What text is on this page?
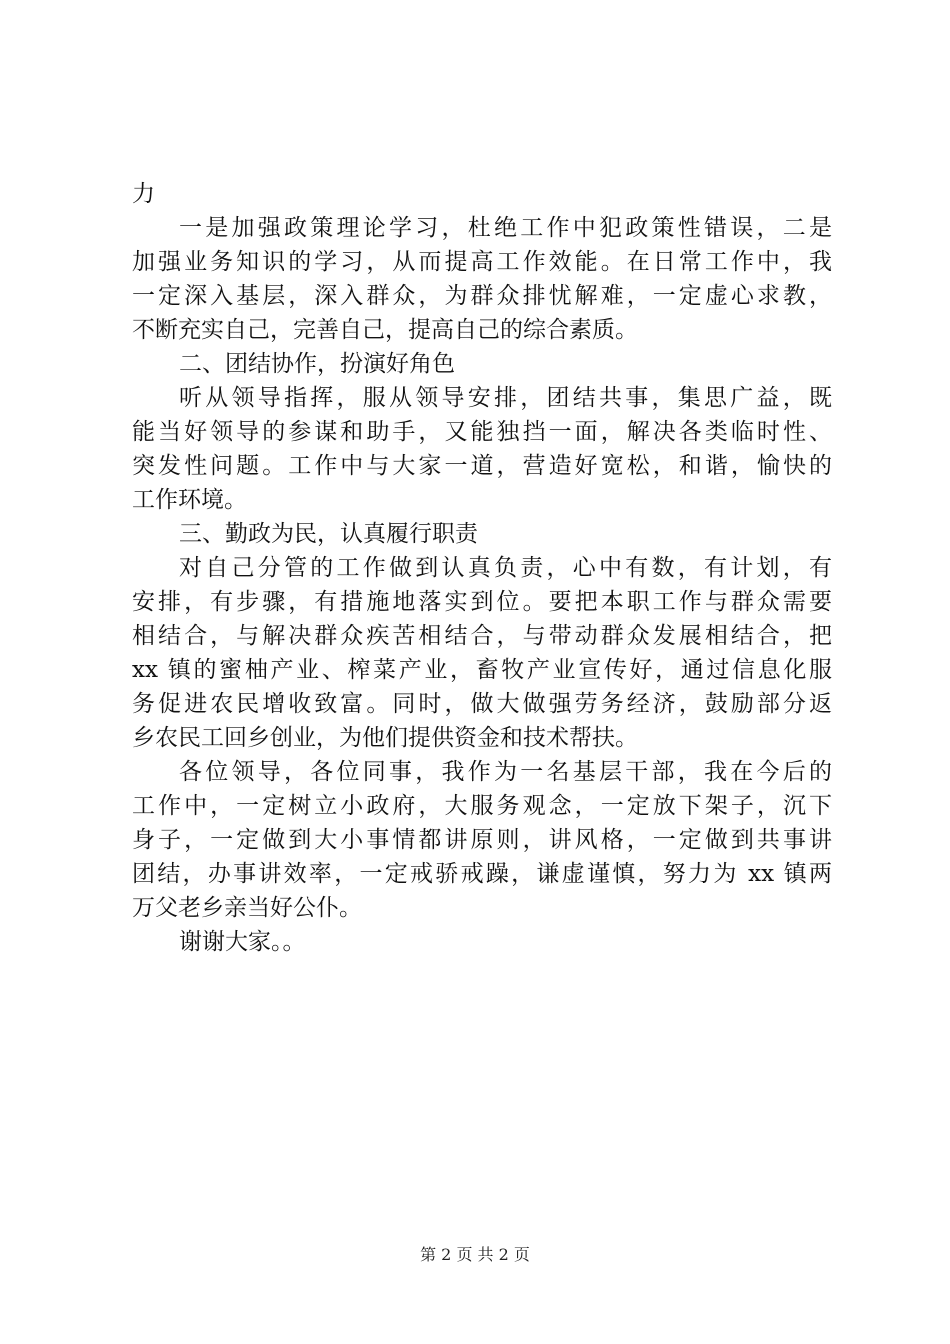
力
一是加强政策理论学习，杜绝工作中犯政策性错误，二是
加强业务知识的学习，从而提高工作效能。在日常工作中，我
一定深入基层，深入群众，为群众排忧解难，一定虚心求教，
不断充实自己，完善自己，提高自己的综合素质。
二、团结协作，扮演好角色
听从领导指挥，服从领导安排，团结共事，集思广益，既
能当好领导的参谋和助手，又能独挡一面，解决各类临时性、
突发性问题。工作中与大家一道，营造好宽松，和谐，愉快的
工作环境。
三、勤政为民，认真履行职责
对自己分管的工作做到认真负责，心中有数，有计划，有
安排，有步骤，有措施地落实到位。要把本职工作与群众需要
相结合，与解决群众疾苦相结合，与带动群众发展相结合，把
xx 镇的蜜柚产业、榨菜产业，畜牧产业宣传好，通过信息化服
务促进农民增收致富。同时，做大做强劳务经济，鼓励部分返
乡农民工回乡创业，为他们提供资金和技术帮扶。
各位领导，各位同事，我作为一名基层干部，我在今后的
工作中，一定树立小政府，大服务观念，一定放下架子，沉下
身子，一定做到大小事情都讲原则，讲风格，一定做到共事讲
团结，办事讲效率，一定戒骄戒躁，谦虚谨慎，努力为 xx 镇两
万父老乡亲当好公仆。
谢谢大家。。
第 2 页 共 2 页
